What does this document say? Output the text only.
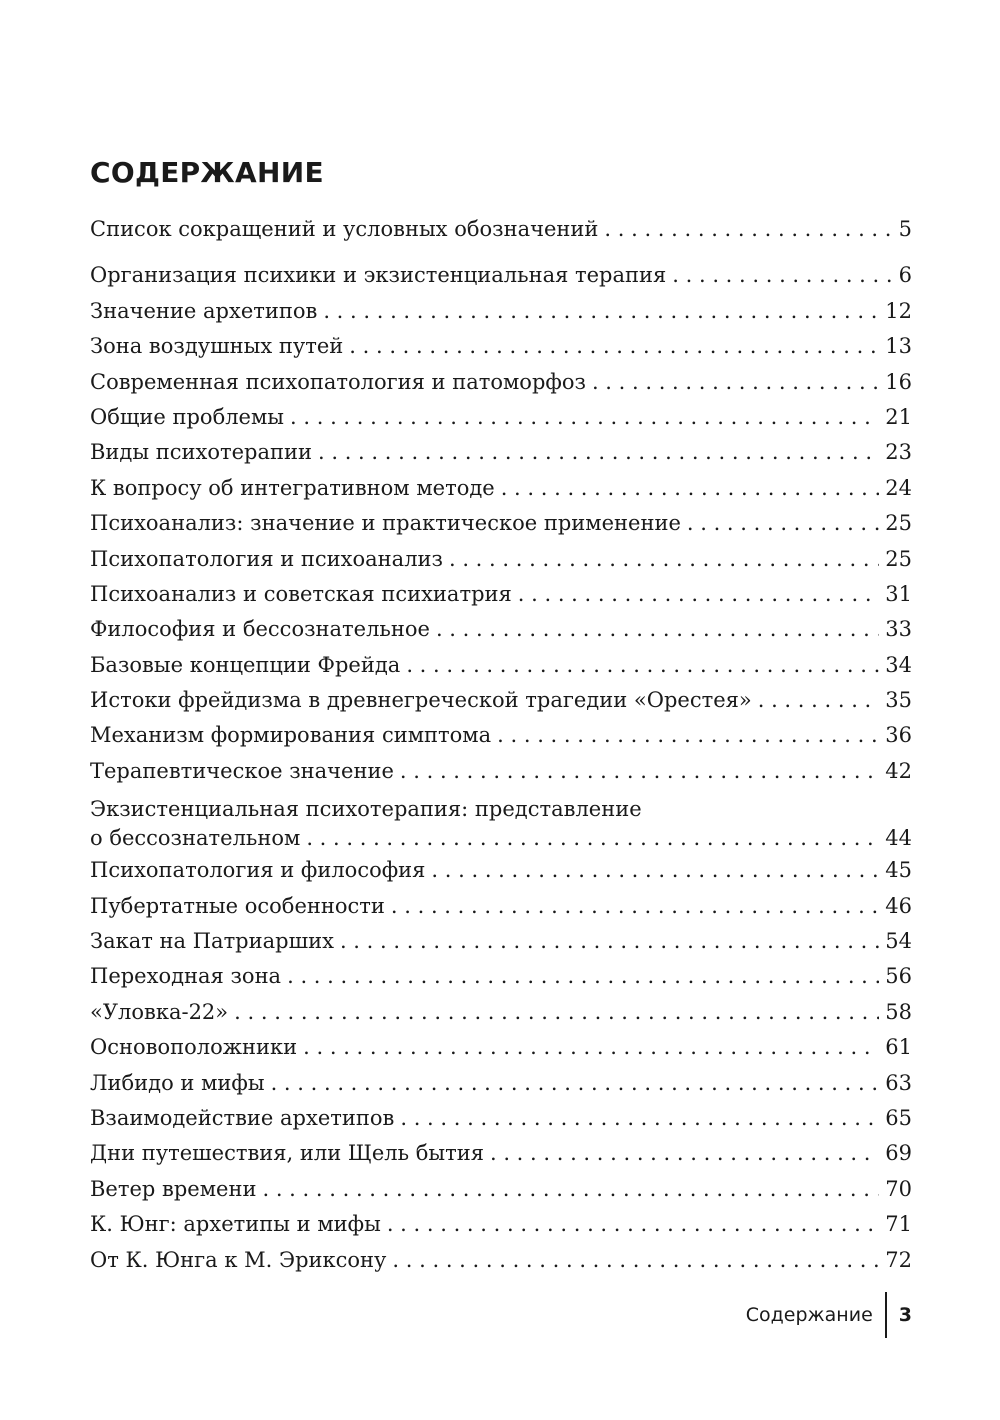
СОДЕРЖАНИЕ
Список сокращений и условных обозначений . . .	5
Организация психики и экзистенциальная терапия . . .	6
Значение архетипов . . .	12
Зона воздушных путей . . .	13
Современная психопатология и патоморфоз . . .	16
Общие проблемы . . .	21
Виды психотерапии . . .	23
К вопросу об интегративном методе . . .	24
Психоанализ: значение и практическое применение . . .	25
Психопатология и психоанализ . . .	25
Психоанализ и советская психиатрия . . .	31
Философия и бессознательное . . .	33
Базовые концепции Фрейда . . .	34
Истоки фрейдизма в древнегреческой трагедии «Орестея» . . .	35
Механизм формирования симптома . . .	36
Терапевтическое значение . . .	42
Экзистенциальная психотерапия: представление
о бессознательном . . .	44
Психопатология и философия . . .	45
Пубертатные особенности . . .	46
Закат на Патриарших . . .	54
Переходная зона . . .	56
«Уловка-22» . . .	58
Основоположники . . .	61
Либидо и мифы . . .	63
Взаимодействие архетипов . . .	65
Дни путешествия, или Щель бытия . . .	69
Ветер времени . . .	70
К. Юнг: архетипы и мифы . . .	71
От К. Юнга к М. Эриксону . . .	72
Содержание	3
